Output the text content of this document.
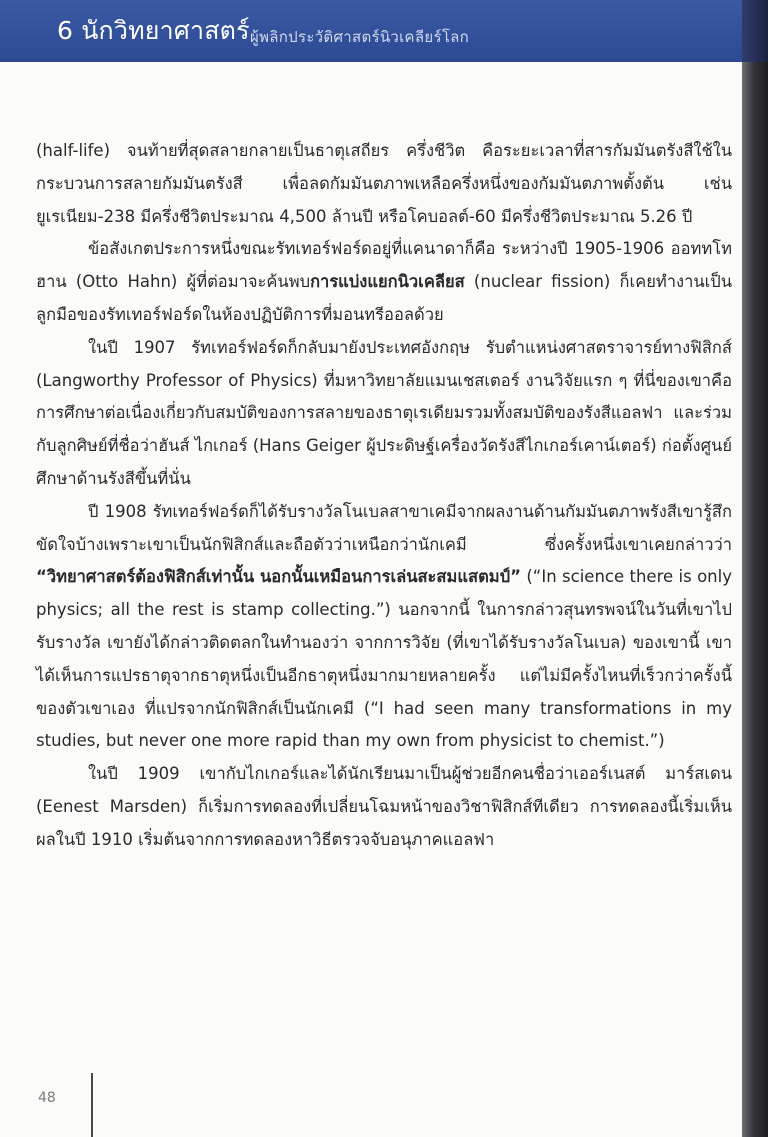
6 นักวิทยาศาสตร์ ผู้พลิกประวัติศาสตร์นิวเคลียร์โลก

(half-life) จนท้ายที่สุดสลายกลายเป็นธาตุเสถียร ครึ่งชีวิต คือระยะเวลาที่สารกัมมันตรังสีใช้ในกระบวนการสลายกัมมันตรังสี เพื่อลดกัมมันตภาพเหลือครึ่งหนึ่งของกัมมันตภาพตั้งต้น เช่น ยูเรเนียม-238 มีครึ่งชีวิตประมาณ 4,500 ล้านปี หรือโคบอลต์-60 มีครึ่งชีวิตประมาณ 5.26 ปี

ข้อสังเกตประการหนึ่งขณะรัทเทอร์ฟอร์ดอยู่ที่แคนาดาก็คือ ระหว่างปี 1905-1906 ออททโท ฮาน (Otto Hahn) ผู้ที่ต่อมาจะค้นพบการแบ่งแยกนิวเคลียส (nuclear fission) ก็เคยทำงานเป็นลูกมือของรัทเทอร์ฟอร์ดในห้องปฏิบัติการที่มอนทรีออลด้วย

ในปี 1907 รัทเทอร์ฟอร์ดก็กลับมายังประเทศอังกฤษ รับตำแหน่งศาสตราจารย์ทางฟิสิกส์ (Langworthy Professor of Physics) ที่มหาวิทยาลัยแมนเชสเตอร์ งานวิจัยแรก ๆ ที่นี่ของเขาคือการศึกษาต่อเนื่องเกี่ยวกับสมบัติของการสลายของธาตุเรเดียมรวมทั้งสมบัติของรังสีแอลฟา และร่วมกับลูกศิษย์ที่ชื่อว่าฮันส์ ไกเกอร์ (Hans Geiger ผู้ประดิษฐ์เครื่องวัดรังสีไกเกอร์เคาน์เตอร์) ก่อตั้งศูนย์ศึกษาด้านรังสีขึ้นที่นั่น

ปี 1908 รัทเทอร์ฟอร์ดก็ได้รับรางวัลโนเบลสาขาเคมีจากผลงานด้านกัมมันตภาพรังสีเขารู้สึกขัดใจบ้างเพราะเขาเป็นนักฟิสิกส์และถือตัวว่าเหนือกว่านักเคมี ซึ่งครั้งหนึ่งเขาเคยกล่าวว่า “วิทยาศาสตร์ต้องฟิสิกส์เท่านั้น นอกนั้นเหมือนการเล่นสะสมแสตมป์” (“In science there is only physics; all the rest is stamp collecting.”) นอกจากนี้ ในการกล่าวสุนทรพจน์ในวันที่เขาไปรับรางวัล เขายังได้กล่าวติดตลกในทำนองว่า จากการวิจัย (ที่เขาได้รับรางวัลโนเบล) ของเขานี้ เขาได้เห็นการแปรธาตุจากธาตุหนึ่งเป็นอีกธาตุหนึ่งมากมายหลายครั้ง แต่ไม่มีครั้งไหนที่เร็วกว่าครั้งนี้ของตัวเขาเอง ที่แปรจากนักฟิสิกส์เป็นนักเคมี (“I had seen many transformations in my studies, but never one more rapid than my own from physicist to chemist.”)

ในปี 1909 เขากับไกเกอร์และได้นักเรียนมาเป็นผู้ช่วยอีกคนชื่อว่าเออร์เนสต์ มาร์สเดน (Eenest Marsden) ก็เริ่มการทดลองที่เปลี่ยนโฉมหน้าของวิชาฟิสิกส์ทีเดียว การทดลองนี้เริ่มเห็นผลในปี 1910 เริ่มต้นจากการทดลองหาวิธีตรวจจับอนุภาคแอลฟา

48
